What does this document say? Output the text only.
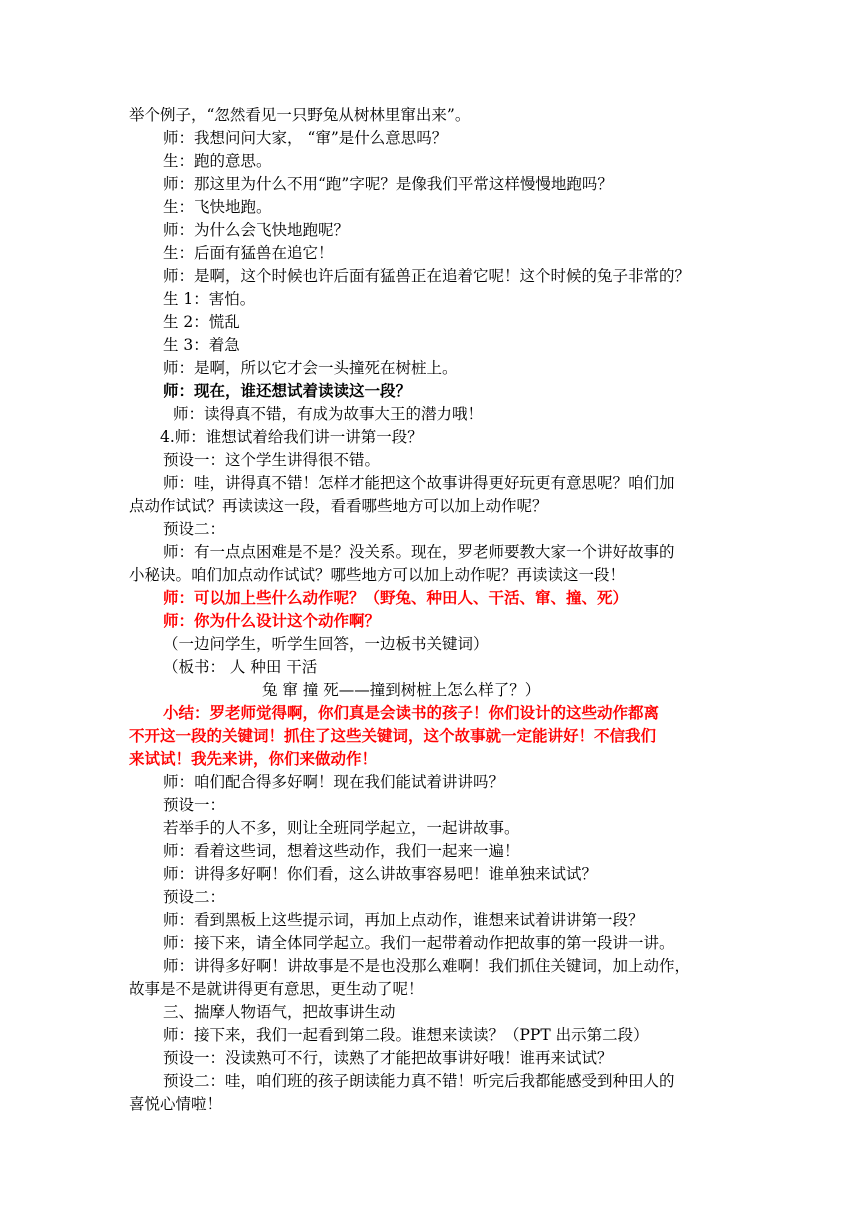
举个例子，“忽然看见一只野兔从树林里窜出来”。
师：我想问问大家， “窜”是什么意思吗？
生：跑的意思。
师：那这里为什么不用“跑”字呢？是像我们平常这样慢慢地跑吗？
生：飞快地跑。
师：为什么会飞快地跑呢？
生：后面有猛兽在追它！
师：是啊，这个时候也许后面有猛兽正在追着它呢！这个时候的兔子非常的？
生 1：害怕。
生 2：慌乱
生 3：着急
师：是啊，所以它才会一头撞死在树桩上。
师：现在，谁还想试着读读这一段？
师：读得真不错，有成为故事大王的潜力哦！
4.师：谁想试着给我们讲一讲第一段？
预设一：这个学生讲得很不错。
师：哇，讲得真不错！怎样才能把这个故事讲得更好玩更有意思呢？咱们加
点动作试试？再读读这一段，看看哪些地方可以加上动作呢？
预设二：
师：有一点点困难是不是？没关系。现在，罗老师要教大家一个讲好故事的
小秘诀。咱们加点动作试试？哪些地方可以加上动作呢？再读读这一段！
师：可以加上些什么动作呢？（野兔、种田人、干活、窜、撞、死）
师：你为什么设计这个动作啊？
（一边问学生，听学生回答，一边板书关键词）
（板书： 人 种田 干活
兔 窜 撞 死——撞到树桩上怎么样了？）
小结：罗老师觉得啊，你们真是会读书的孩子！你们设计的这些动作都离
不开这一段的关键词！抓住了这些关键词，这个故事就一定能讲好！不信我们
来试试！我先来讲，你们来做动作！
师：咱们配合得多好啊！现在我们能试着讲讲吗？
预设一：
若举手的人不多，则让全班同学起立，一起讲故事。
师：看着这些词，想着这些动作，我们一起来一遍！
师：讲得多好啊！你们看，这么讲故事容易吧！谁单独来试试？
预设二：
师：看到黑板上这些提示词，再加上点动作，谁想来试着讲讲第一段？
师：接下来，请全体同学起立。我们一起带着动作把故事的第一段讲一讲。
师：讲得多好啊！讲故事是不是也没那么难啊！我们抓住关键词，加上动作，
故事是不是就讲得更有意思，更生动了呢！
三、揣摩人物语气，把故事讲生动
师：接下来，我们一起看到第二段。谁想来读读？（PPT 出示第二段）
预设一：没读熟可不行，读熟了才能把故事讲好哦！谁再来试试？
预设二：哇，咱们班的孩子朗读能力真不错！听完后我都能感受到种田人的
喜悦心情啦！
